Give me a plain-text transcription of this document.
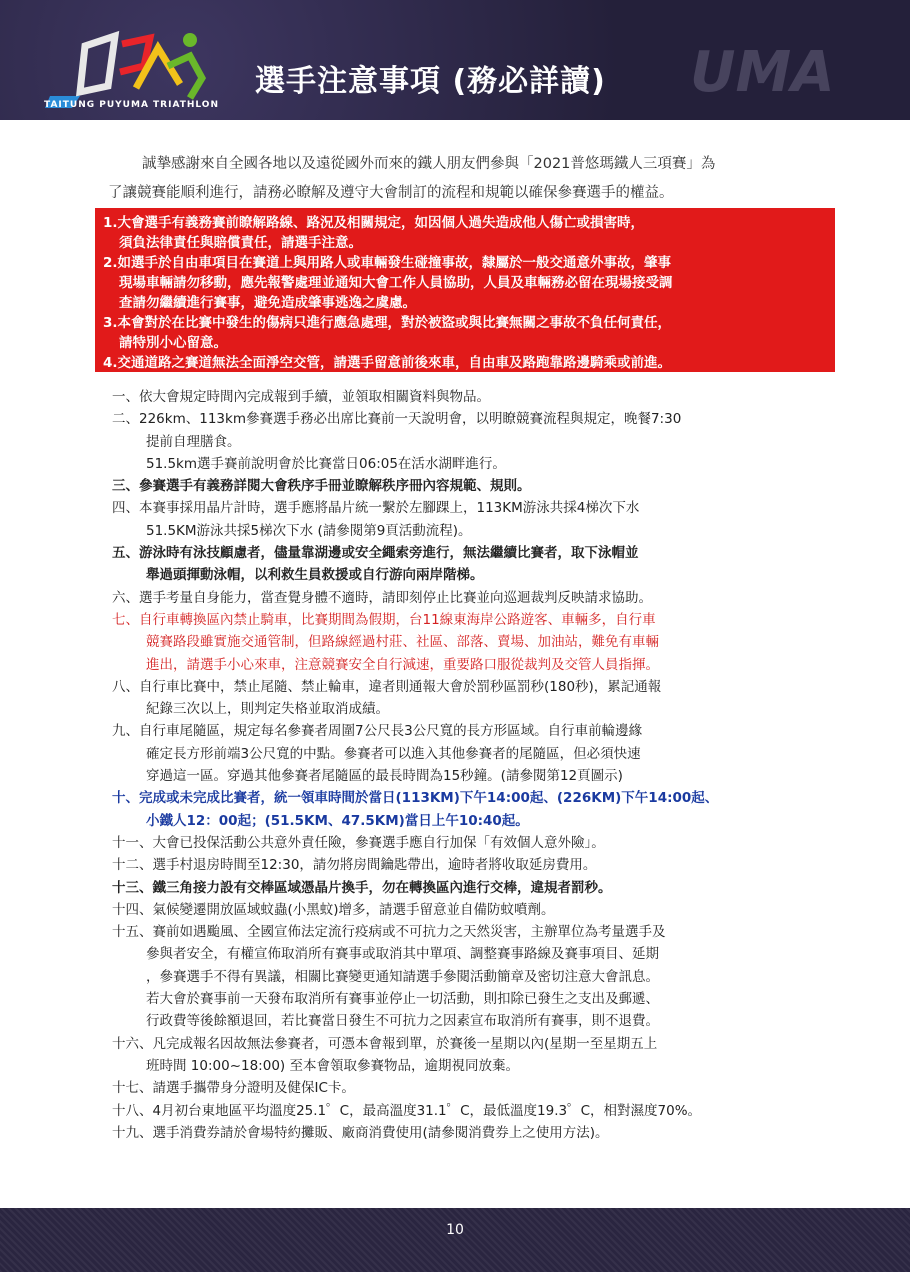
TAITUNG PUYUMA TRIATHLON
選手注意事項 (務必詳讀) UMA
誠摯感謝來自全國各地以及遠從國外而來的鐵人朋友們參與「2021普悠瑪鐵人三項賽」為
了讓競賽能順利進行，請務必瞭解及遵守大會制訂的流程和規範以確保參賽選手的權益。
1.大會選手有義務賽前瞭解路線、路況及相關規定，如因個人過失造成他人傷亡或損害時，
須負法律責任與賠償責任，請選手注意。
2.如選手於自由車項目在賽道上與用路人或車輛發生碰撞事故，隸屬於一般交通意外事故，肇事
現場車輛請勿移動，應先報警處理並通知大會工作人員協助，人員及車輛務必留在現場接受調
查請勿繼續進行賽事，避免造成肇事逃逸之虞慮。
3.本會對於在比賽中發生的傷病只進行應急處理，對於被盜或與比賽無關之事故不負任何責任，
請特別小心留意。
4.交通道路之賽道無法全面淨空交管，請選手留意前後來車，自由車及路跑靠路邊騎乘或前進。
一、依大會規定時間內完成報到手續，並領取相關資料與物品。
二、226km、113km參賽選手務必出席比賽前一天說明會，以明瞭競賽流程與規定，晚餐7:30
提前自理膳食。
51.5km選手賽前說明會於比賽當日06:05在活水湖畔進行。
三、參賽選手有義務詳閱大會秩序手冊並瞭解秩序冊內容規範、規則。
四、本賽事採用晶片計時，選手應將晶片統一繫於左腳踝上，113KM游泳共採4梯次下水
51.5KM游泳共採5梯次下水 (請參閱第9頁活動流程)。
五、游泳時有泳技顧慮者，儘量靠湖邊或安全繩索旁進行，無法繼續比賽者，取下泳帽並
舉過頭揮動泳帽，以利救生員救援或自行游向兩岸階梯。
六、選手考量自身能力，當查覺身體不適時，請即刻停止比賽並向巡迴裁判反映請求協助。
七、自行車轉換區內禁止騎車，比賽期間為假期，台11線東海岸公路遊客、車輛多，自行車
競賽路段雖實施交通管制，但路線經過村莊、社區、部落、賣場、加油站，難免有車輛
進出，請選手小心來車，注意競賽安全自行減速，重要路口服從裁判及交管人員指揮。
八、自行車比賽中，禁止尾隨、禁止輪車，違者則通報大會於罰秒區罰秒(180秒)，累記通報
紀錄三次以上，則判定失格並取消成績。
九、自行車尾隨區，規定每名參賽者周圍7公尺長3公尺寬的長方形區域。自行車前輪邊緣
確定長方形前端3公尺寬的中點。參賽者可以進入其他參賽者的尾隨區，但必須快速
穿過這一區。穿過其他參賽者尾隨區的最長時間為15秒鐘。(請參閱第12頁圖示)
十、完成或未完成比賽者，統一領車時間於當日(113KM)下午14:00起、(226KM)下午14:00起、
小鐵人12：00起；(51.5KM、47.5KM)當日上午10:40起。
十一、大會已投保活動公共意外責任險，參賽選手應自行加保「有效個人意外險」。
十二、選手村退房時間至12:30，請勿將房間鑰匙帶出，逾時者將收取延房費用。
十三、鐵三角接力設有交棒區域憑晶片換手，勿在轉換區內進行交棒，違規者罰秒。
十四、氣候變遷開放區域蚊蟲(小黑蚊)增多，請選手留意並自備防蚊噴劑。
十五、賽前如遇颱風、全國宣佈法定流行疫病或不可抗力之天然災害，主辦單位為考量選手及
參與者安全，有權宣佈取消所有賽事或取消其中單項、調整賽事路線及賽事項目、延期
，參賽選手不得有異議，相關比賽變更通知請選手參閱活動簡章及密切注意大會訊息。
若大會於賽事前一天發布取消所有賽事並停止一切活動，則扣除已發生之支出及郵遞、
行政費等後餘額退回，若比賽當日發生不可抗力之因素宣布取消所有賽事，則不退費。
十六、凡完成報名因故無法參賽者，可憑本會報到單，於賽後一星期以內(星期一至星期五上
班時間 10:00~18:00) 至本會領取參賽物品，逾期視同放棄。
十七、請選手攜帶身分證明及健保IC卡。
十八、4月初台東地區平均溫度25.1゜C，最高溫度31.1゜C，最低溫度19.3゜C，相對濕度70%。
十九、選手消費券請於會場特約攤販、廠商消費使用(請參閱消費券上之使用方法)。
10
